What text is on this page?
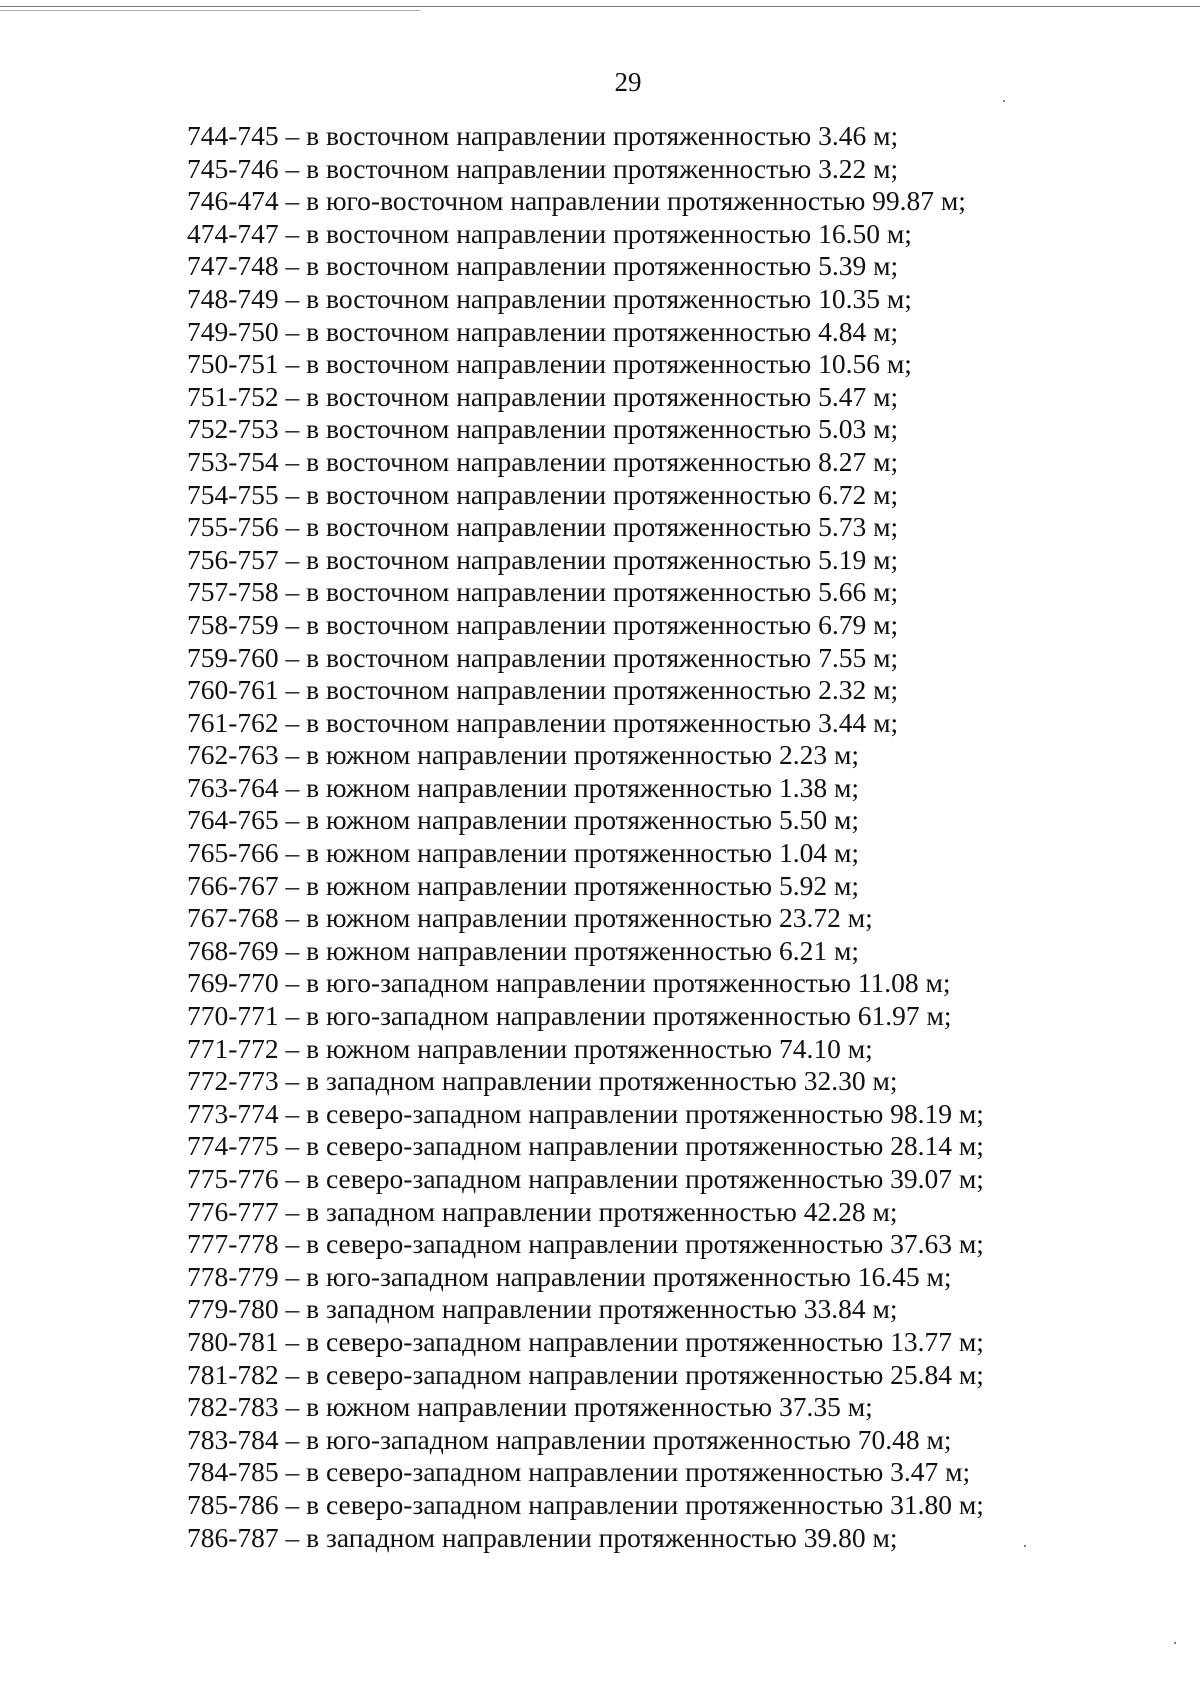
29
744-745 – в восточном направлении протяженностью 3.46 м;
745-746 – в восточном направлении протяженностью 3.22 м;
746-474 – в юго-восточном направлении протяженностью 99.87 м;
474-747 – в восточном направлении протяженностью 16.50 м;
747-748 – в восточном направлении протяженностью 5.39 м;
748-749 – в восточном направлении протяженностью 10.35 м;
749-750 – в восточном направлении протяженностью 4.84 м;
750-751 – в восточном направлении протяженностью 10.56 м;
751-752 – в восточном направлении протяженностью 5.47 м;
752-753 – в восточном направлении протяженностью 5.03 м;
753-754 – в восточном направлении протяженностью 8.27 м;
754-755 – в восточном направлении протяженностью 6.72 м;
755-756 – в восточном направлении протяженностью 5.73 м;
756-757 – в восточном направлении протяженностью 5.19 м;
757-758 – в восточном направлении протяженностью 5.66 м;
758-759 – в восточном направлении протяженностью 6.79 м;
759-760 – в восточном направлении протяженностью 7.55 м;
760-761 – в восточном направлении протяженностью 2.32 м;
761-762 – в восточном направлении протяженностью 3.44 м;
762-763 – в южном направлении протяженностью 2.23 м;
763-764 – в южном направлении протяженностью 1.38 м;
764-765 – в южном направлении протяженностью 5.50 м;
765-766 – в южном направлении протяженностью 1.04 м;
766-767 – в южном направлении протяженностью 5.92 м;
767-768 – в южном направлении протяженностью 23.72 м;
768-769 – в южном направлении протяженностью 6.21 м;
769-770 – в юго-западном направлении протяженностью 11.08 м;
770-771 – в юго-западном направлении протяженностью 61.97 м;
771-772 – в южном направлении протяженностью 74.10 м;
772-773 – в западном направлении протяженностью 32.30 м;
773-774 – в северо-западном направлении протяженностью 98.19 м;
774-775 – в северо-западном направлении протяженностью 28.14 м;
775-776 – в северо-западном направлении протяженностью 39.07 м;
776-777 – в западном направлении протяженностью 42.28 м;
777-778 – в северо-западном направлении протяженностью 37.63 м;
778-779 – в юго-западном направлении протяженностью 16.45 м;
779-780 – в западном направлении протяженностью 33.84 м;
780-781 – в северо-западном направлении протяженностью 13.77 м;
781-782 – в северо-западном направлении протяженностью 25.84 м;
782-783 – в южном направлении протяженностью 37.35 м;
783-784 – в юго-западном направлении протяженностью 70.48 м;
784-785 – в северо-западном направлении протяженностью 3.47 м;
785-786 – в северо-западном направлении протяженностью 31.80 м;
786-787 – в западном направлении протяженностью 39.80 м;
